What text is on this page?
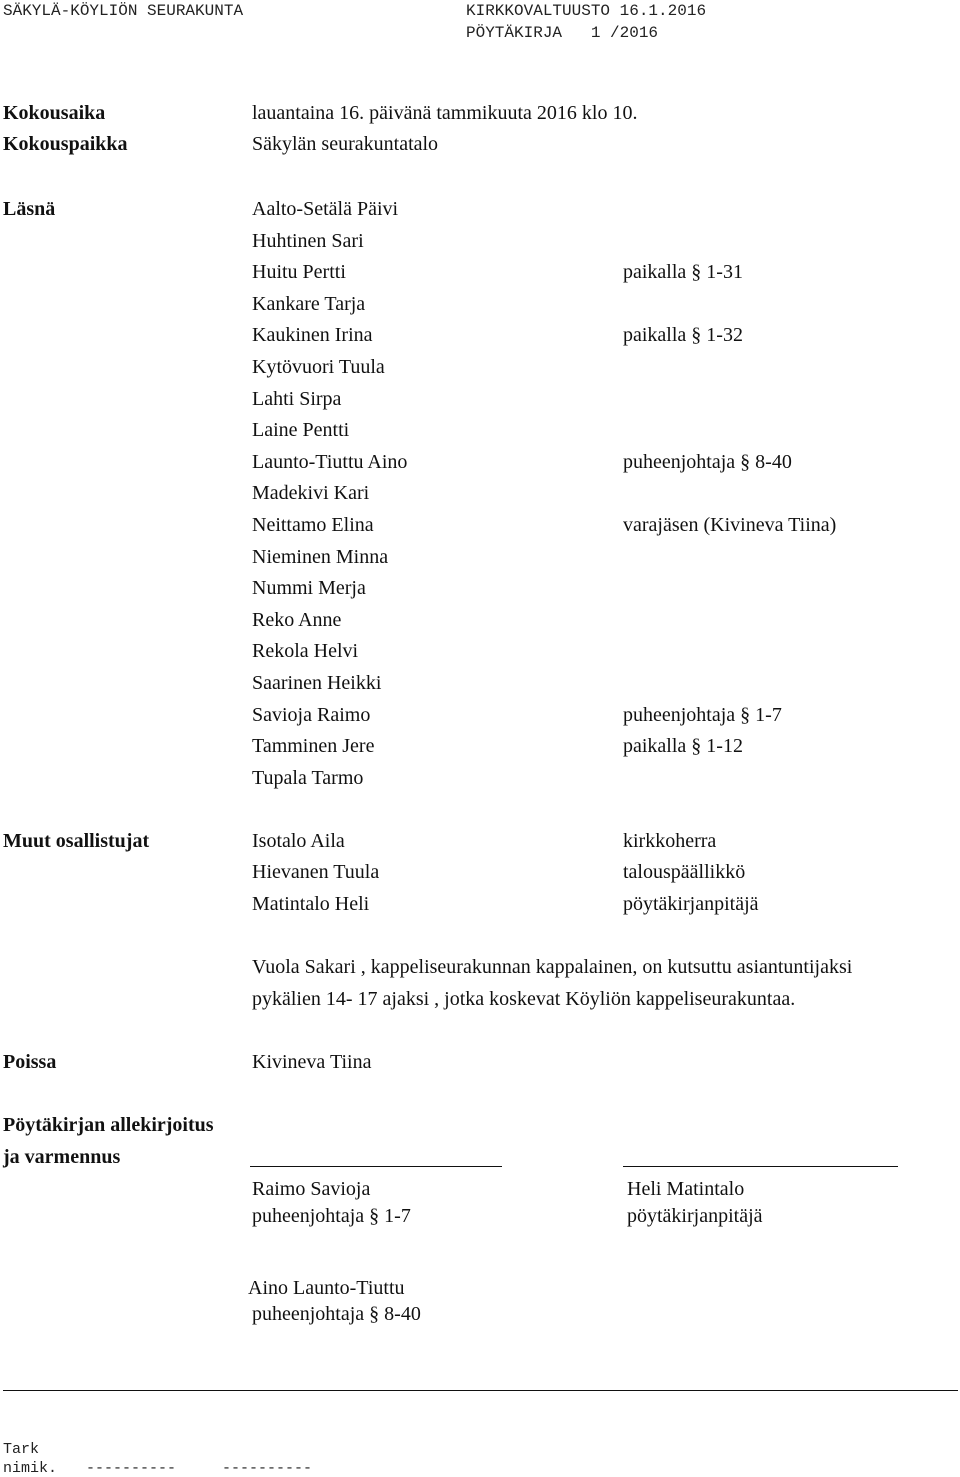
SÄKYLÄ-KÖYLIÖN SEURAKUNTA	KIRKKOVALTUUSTO 16.1.2016
PÖYTÄKIRJA   1 /2016
Kokousaika	lauantaina 16. päivänä tammikuuta 2016 klo 10.
Kokouspaikka	Säkylän seurakuntatalo
Läsnä	Aalto-Setälä Päivi
Huhtinen Sari
Huitu Pertti	paikalla § 1-31
Kankare Tarja
Kaukinen Irina	paikalla § 1-32
Kytövuori Tuula
Lahti Sirpa
Laine Pentti
Launto-Tiuttu Aino	puheenjohtaja § 8-40
Madekivi Kari
Neittamo Elina	varajäsen (Kivineva Tiina)
Nieminen Minna
Nummi Merja
Reko Anne
Rekola Helvi
Saarinen Heikki
Savioja Raimo	puheenjohtaja § 1-7
Tamminen Jere	paikalla § 1-12
Tupala Tarmo
Muut osallistujat	Isotalo Aila	kirkkoherra
Hievanen Tuula	talouspäällikkö
Matintalo Heli	pöytäkirjanpitäjä
Vuola Sakari , kappeliseurakunnan kappalainen, on kutsuttu asiantuntijaksi
pykälien 14- 17 ajaksi , jotka koskevat Köyliön kappeliseurakuntaa.
Poissa	Kivineva Tiina
Pöytäkirjan allekirjoitus
ja varmennus
Raimo Savioja
puheenjohtaja § 1-7
Heli Matintalo
pöytäkirjanpitäjä
Aino Launto-Tiuttu
puheenjohtaja § 8-40
Tark
nimik. ----------	----------
